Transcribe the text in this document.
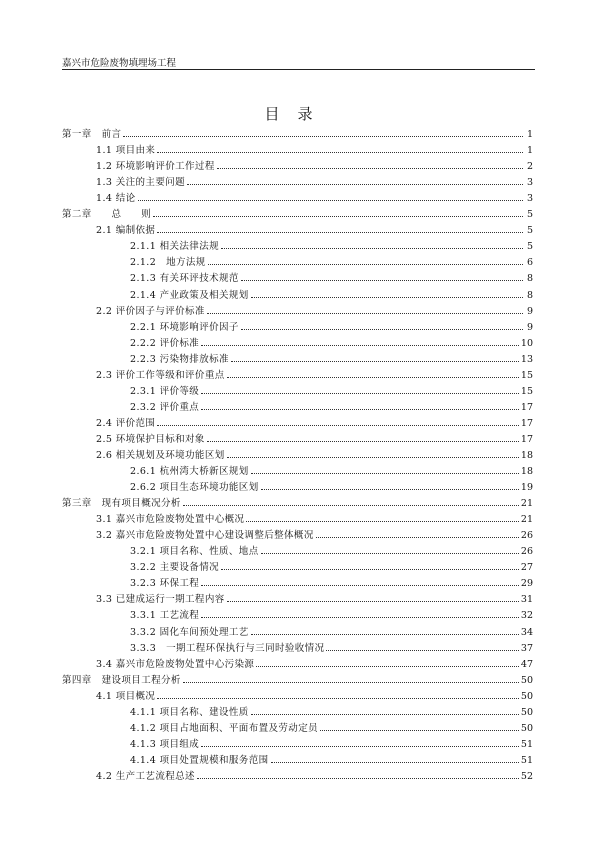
嘉兴市危险废物填埋场工程
目录
第一章　前言	1
1.1 项目由来	1
1.2 环境影响评价工作过程	2
1.3 关注的主要问题	3
1.4 结论	3
第二章　　总　　则	5
2.1 编制依据	5
2.1.1 相关法律法规	5
2.1.2　地方法规	6
2.1.3 有关环评技术规范	8
2.1.4 产业政策及相关规划	8
2.2 评价因子与评价标准	9
2.2.1 环境影响评价因子	9
2.2.2 评价标准	10
2.2.3 污染物排放标准	13
2.3 评价工作等级和评价重点	15
2.3.1 评价等级	15
2.3.2 评价重点	17
2.4 评价范围	17
2.5 环境保护目标和对象	17
2.6 相关规划及环境功能区划	18
2.6.1 杭州湾大桥新区规划	18
2.6.2 项目生态环境功能区划	19
第三章　现有项目概况分析	21
3.1 嘉兴市危险废物处置中心概况	21
3.2 嘉兴市危险废物处置中心建设调整后整体概况	26
3.2.1 项目名称、性质、地点	26
3.2.2 主要设备情况	27
3.2.3 环保工程	29
3.3 已建成运行一期工程内容	31
3.3.1 工艺流程	32
3.3.2 固化车间预处理工艺	34
3.3.3　一期工程环保执行与三同时验收情况	37
3.4 嘉兴市危险废物处置中心污染源	47
第四章　建设项目工程分析	50
4.1 项目概况	50
4.1.1 项目名称、建设性质	50
4.1.2 项目占地面积、平面布置及劳动定员	50
4.1.3 项目组成	51
4.1.4 项目处置规模和服务范围	51
4.2 生产工艺流程总述	52
